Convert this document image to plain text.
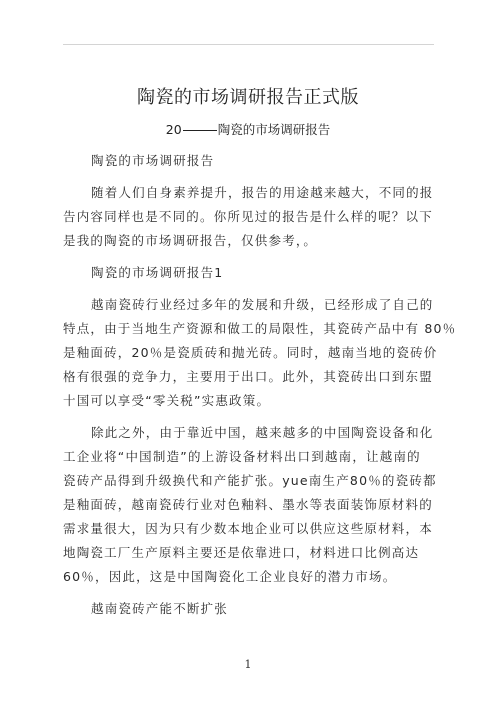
陶瓷的市场调研报告正式版
20	陶瓷的市场调研报告
陶瓷的市场调研报告
随着人们自身素养提升，报告的用途越来越大，不同的报
告内容同样也是不同的。你所见过的报告是什么样的呢？以下
是我的陶瓷的市场调研报告，仅供参考，。
陶瓷的市场调研报告1
越南瓷砖行业经过多年的发展和升级，已经形成了自己的
特点，由于当地生产资源和做工的局限性，其瓷砖产品中有 80％
是釉面砖，20％是瓷质砖和抛光砖。同时，越南当地的瓷砖价
格有很强的竞争力，主要用于出口。此外，其瓷砖出口到东盟
十国可以享受“零关税”实惠政策。
除此之外，由于靠近中国，越来越多的中国陶瓷设备和化
工企业将“中国制造”的上游设备材料出口到越南，让越南的
瓷砖产品得到升级换代和产能扩张。yue南生产80％的瓷砖都
是釉面砖，越南瓷砖行业对色釉料、墨水等表面装饰原材料的
需求量很大，因为只有少数本地企业可以供应这些原材料，本
地陶瓷工厂生产原料主要还是依靠进口，材料进口比例高达
60％，因此，这是中国陶瓷化工企业良好的潜力市场。
越南瓷砖产能不断扩张
1
